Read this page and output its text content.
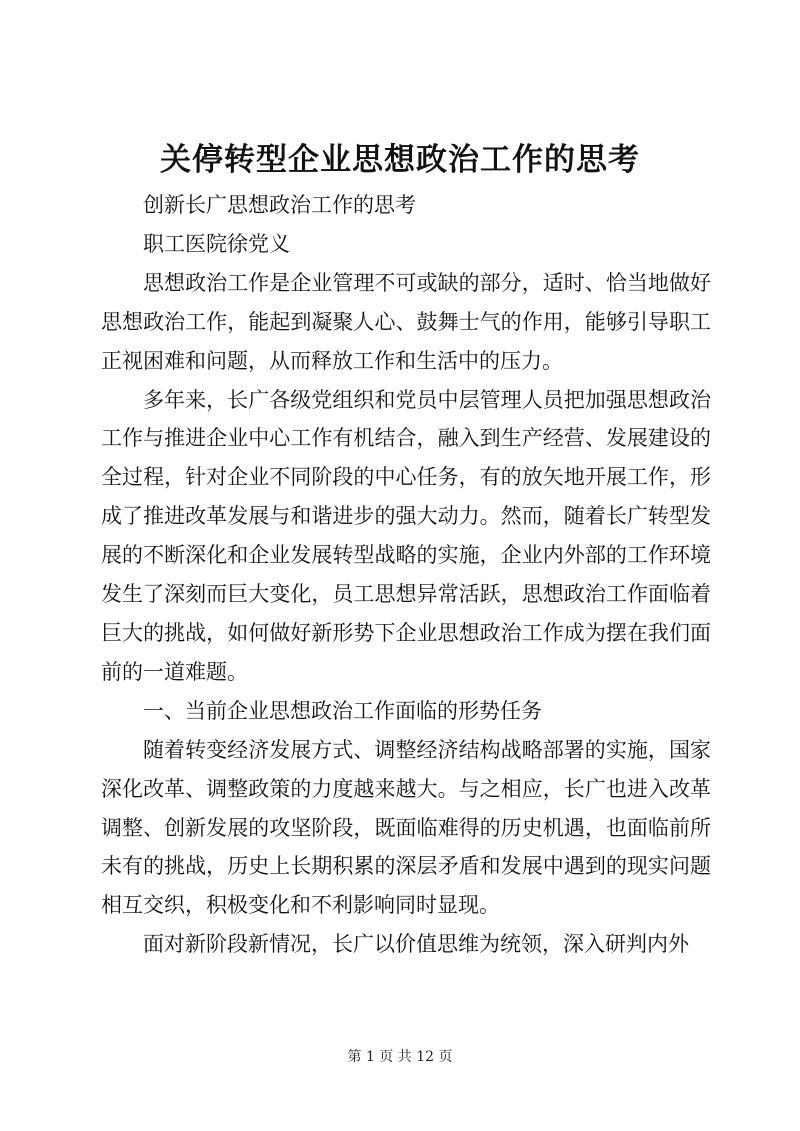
关停转型企业思想政治工作的思考

创新长广思想政治工作的思考

职工医院徐党义

思想政治工作是企业管理不可或缺的部分，适时、恰当地做好思想政治工作，能起到凝聚人心、鼓舞士气的作用，能够引导职工正视困难和问题，从而释放工作和生活中的压力。

多年来，长广各级党组织和党员中层管理人员把加强思想政治工作与推进企业中心工作有机结合，融入到生产经营、发展建设的全过程，针对企业不同阶段的中心任务，有的放矢地开展工作，形成了推进改革发展与和谐进步的强大动力。然而，随着长广转型发展的不断深化和企业发展转型战略的实施，企业内外部的工作环境发生了深刻而巨大变化，员工思想异常活跃，思想政治工作面临着巨大的挑战，如何做好新形势下企业思想政治工作成为摆在我们面前的一道难题。

一、当前企业思想政治工作面临的形势任务

随着转变经济发展方式、调整经济结构战略部署的实施，国家深化改革、调整政策的力度越来越大。与之相应，长广也进入改革调整、创新发展的攻坚阶段，既面临难得的历史机遇，也面临前所未有的挑战，历史上长期积累的深层矛盾和发展中遇到的现实问题相互交织，积极变化和不利影响同时显现。

面对新阶段新情况，长广以价值思维为统领，深入研判内外

第 1 页 共 12 页
